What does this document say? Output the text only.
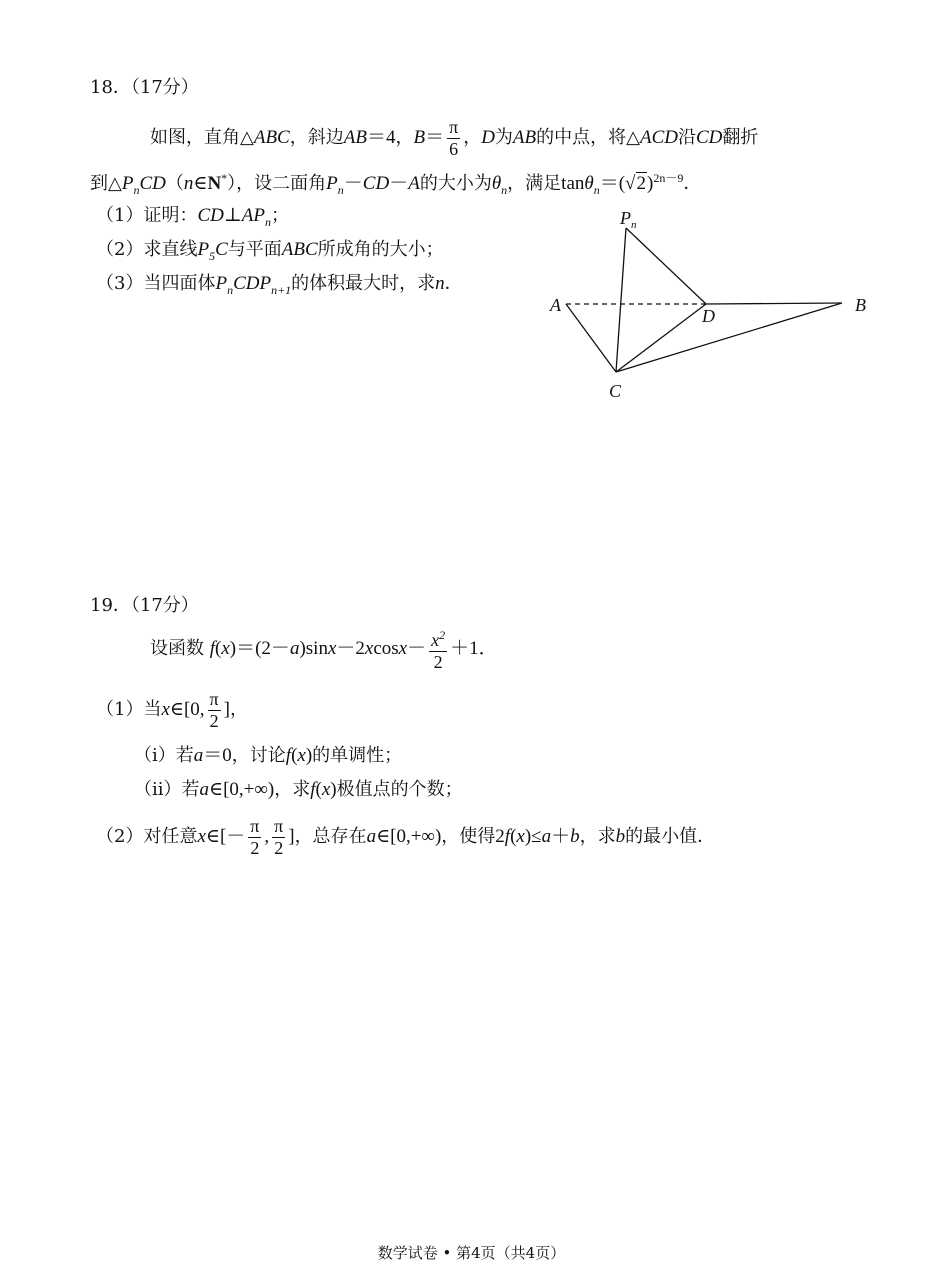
18．（17分）
如图，直角△ABC，斜边AB＝4，$B= \frac{\pi}{6}$ ，D为AB的中点，将△ACD沿CD翻折
到$\triangle P_nCD(n\in N^*)$，设二面角$P_n-CD-A$的大小为$\theta_n$，满足$\tan\theta_n=(√2)^{2n-9}$．
（1）证明：$CD\perp AP_n$；
（2）求直线$P_5C$与平面ABC所成角的大小；
（3）当四面体$P_nCDP_{n+1}$的体积最大时，求n．
$P_n$
A
D
B
C
19．（17分）
设函数 $f(x)=(2-a)\sin x-2xcosx- \frac{x^2}{2} +1$．
（1）当x∈[0, $\frac{\pi}{2}$ ]，
（i）若a＝0，讨论f(x)的单调性；
（ii）若a∈[0,+∞)，求f(x)极值点的个数；
（2）对任意x∈[－ $\frac{\pi}{2}$ , $\frac{\pi}{2}$ ]，总存在a∈[0,+∞)，使得2f(x)≤a＋b，求b的最小值．
数学试卷 • 第4页（共4页）
